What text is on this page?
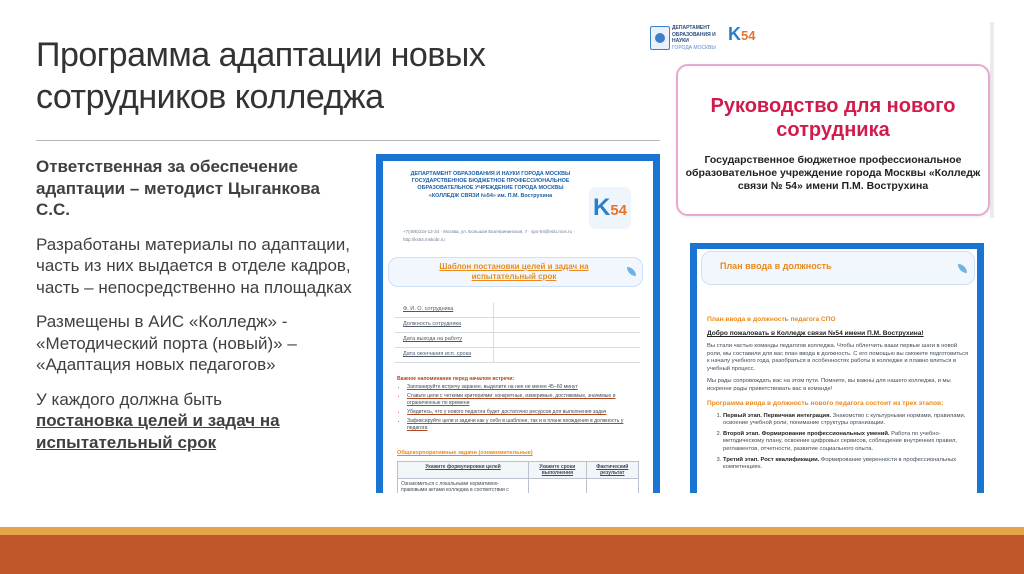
Программа адаптации новых сотрудников колледжа

Ответственная за обеспечение адаптации – методист Цыганкова С.С.

Разработаны материалы по адаптации, часть из них выдается в отделе кадров, часть – непосредственно на площадках

Размещены в АИС «Колледж» - «Методический порта (новый)» – «Адаптация новых педагогов»

У каждого должна быть
постановка целей и задач на испытательный срок

ДЕПАРТАМЕНТ ОБРАЗОВАНИЯ И НАУКИ
ГОРОДА МОСКВЫ
K54
Руководство для нового сотрудника
Государственное бюджетное профессиональное образовательное учреждение города Москвы «Колледж связи № 54» имени П.М. Вострухина
ДЕПАРТАМЕНТ ОБРАЗОВАНИЯ И НАУКИ ГОРОДА МОСКВЫ ГОСУДАРСТВЕННОЕ БЮДЖЕТНОЕ ПРОФЕССИОНАЛЬНОЕ ОБРАЗОВАТЕЛЬНОЕ УЧРЕЖДЕНИЕ ГОРОДА МОСКВЫ «КОЛЛЕДЖ СВЯЗИ №54» им. П.М. Вострухина
+7(495)234-12-34 · Москва, ул. Большая Екатерининская, 7 · spo-54@edu.mos.ru · http://ks54.mskobr.ru
K54
Шаблон постановки целей и задач на испытательный срок
Ф. И. О. сотрудника
Должность сотрудника
Дата выхода на работу
Дата окончания исп. срока
Важное напоминание перед началом встречи:
• Запланируйте встречу заранее, выделите на нее не менее 45–60 минут
• Ставьте цели с четкими критериями: конкретные, измеримые, достижимые, значимые и ограниченные по времени
• Убедитесь, что у нового педагога будет достаточно ресурсов для выполнения задач
• Зафиксируйте цели и задачи как у себя в шаблоне, так и в плане вхождения в должность у педагога
Общекорпоративные задачи (ознакомительные)
Укажите формулировки целей	Укажите сроки выполнения	Фактический результат
Ознакомиться с локальными нормативно-правовыми актами колледжа в соответствии с		
План ввода в должность

План ввода в должность педагога СПО

Добро пожаловать в Колледж связи №54 имени П.М. Вострухина!

Вы стали частью команды педагогов колледжа. Чтобы облегчить ваши первые шаги в новой роли, мы составили для вас план ввода в должность. С его помощью вы сможете подготовиться к началу учебного года, разобраться в особенностях работы в колледже и плавно влиться в учебный процесс.

Мы рады сопровождать вас на этом пути. Помните, вы важны для нашего колледжа, и мы искренне рады приветствовать вас в команде!

Программа ввода в должность нового педагога состоит из трех этапов:

1. Первый этап. Первичная интеграция. Знакомство с культурными нормами, правилами, освоение учебной роли, понимание структуры организации.
2. Второй этап. Формирование профессиональных умений. Работа по учебно-методическому плану, освоение цифровых сервисов, соблюдение внутренних правил, регламентов, отчетности, развитие социального опыта.
3. Третий этап. Рост квалификации. Формирование уверенности в профессиональных компетенциях.
